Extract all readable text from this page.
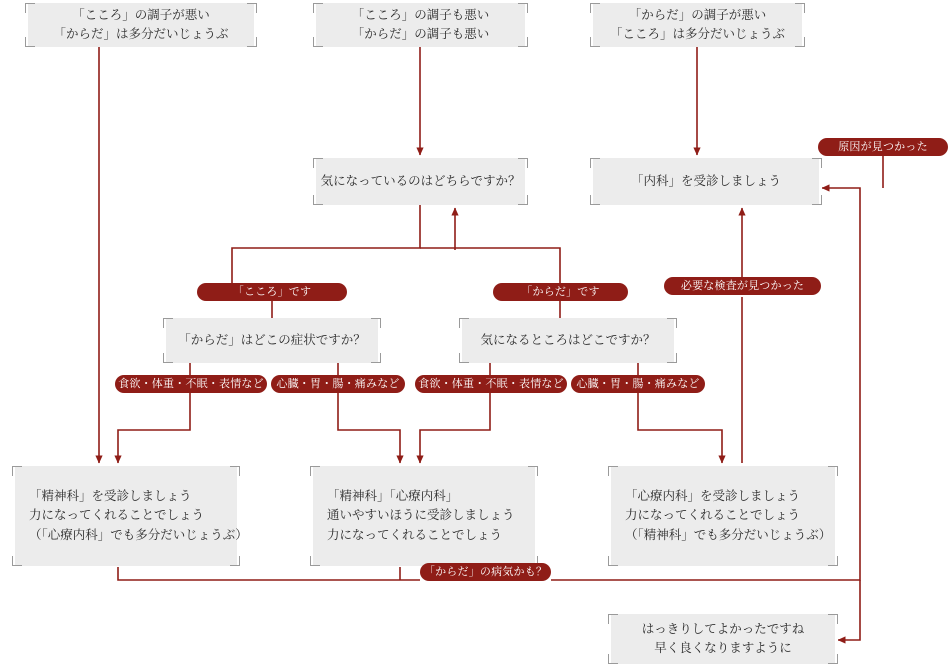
「こころ」の調子が悪い
「からだ」は多分だいじょうぶ
「こころ」の調子も悪い
「からだ」の調子も悪い
「からだ」の調子が悪い
「こころ」は多分だいじょうぶ
気になっているのはどちらですか？	「内科」を受診しましょう
「こころ」です	「からだ」です
原因が見つかった
必要な検査が見つかった
「からだ」はどこの症状ですか？	気になるところはどこですか？
食欲・体重・不眠・表情など	心臓・胃・腸・痛みなど	食欲・体重・不眠・表情など	心臓・胃・腸・痛みなど
「精神科」を受診しましょう
力になってくれることでしょう
（「心療内科」でも多分だいじょうぶ）
「精神科」「心療内科」
通いやすいほうに受診しましょう
力になってくれることでしょう
「心療内科」を受診しましょう
力になってくれることでしょう
（「精神科」でも多分だいじょうぶ）
「からだ」の病気かも？
はっきりしてよかったですね
早く良くなりますように
